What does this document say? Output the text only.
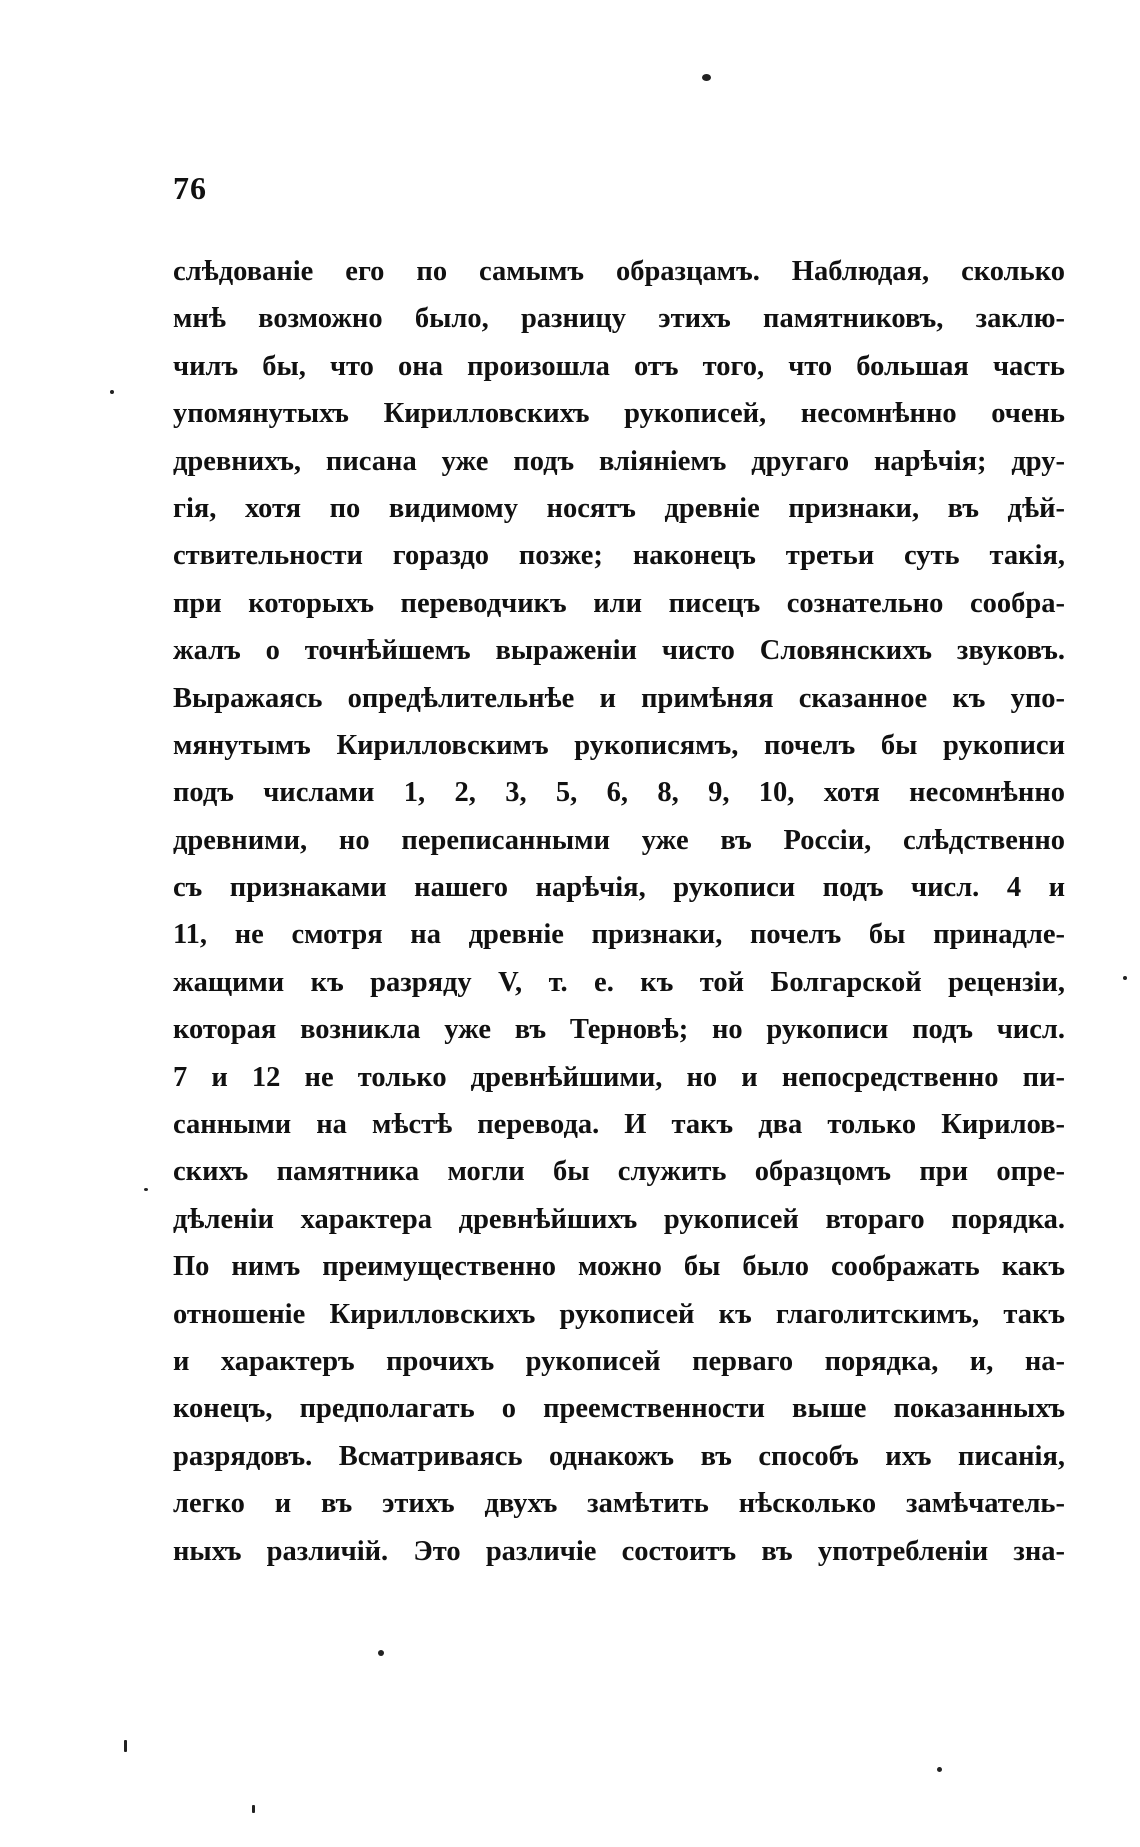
76
слѣдованіе его по самымъ образцамъ. Наблюдая, сколько
мнѣ возможно было, разницу этихъ памятниковъ, заклю-
чилъ бы, что она произошла отъ того, что большая часть
упомянутыхъ Кирилловскихъ рукописей, несомнѣнно очень
древнихъ, писана уже подъ вліяніемъ другаго нарѣчія; дру-
гія, хотя по видимому носятъ древніе признаки, въ дѣй-
ствительности гораздо позже; наконецъ третьи суть такія,
при которыхъ переводчикъ или писецъ сознательно сообра-
жалъ о точнѣйшемъ выраженіи чисто Словянскихъ звуковъ.
Выражаясь опредѣлительнѣе и примѣняя сказанное къ упо-
мянутымъ Кирилловскимъ рукописямъ, почелъ бы рукописи
подъ числами 1, 2, 3, 5, 6, 8, 9, 10, хотя несомнѣнно
древними, но переписанными уже въ Россіи, слѣдственно
съ признаками нашего нарѣчія, рукописи подъ числ. 4 и
11, не смотря на древніе признаки, почелъ бы принадле-
жащими къ разряду V, т. е. къ той Болгарской рецензіи,
которая возникла уже въ Терновѣ; но рукописи подъ числ.
7 и 12 не только древнѣйшими, но и непосредственно пи-
санными на мѣстѣ перевода. И такъ два только Кирилов-
скихъ памятника могли бы служить образцомъ при опре-
дѣленіи характера древнѣйшихъ рукописей втораго порядка.
По нимъ преимущественно можно бы было соображать какъ
отношеніе Кирилловскихъ рукописей къ глаголитскимъ, такъ
и характеръ прочихъ рукописей перваго порядка, и, на-
конецъ, предполагать о преемственности выше показанныхъ
разрядовъ. Всматриваясь однакожъ въ способъ ихъ писанія,
легко и въ этихъ двухъ замѣтить нѣсколько замѣчатель-
ныхъ различій. Это различіе состоитъ въ употребленіи зна-
